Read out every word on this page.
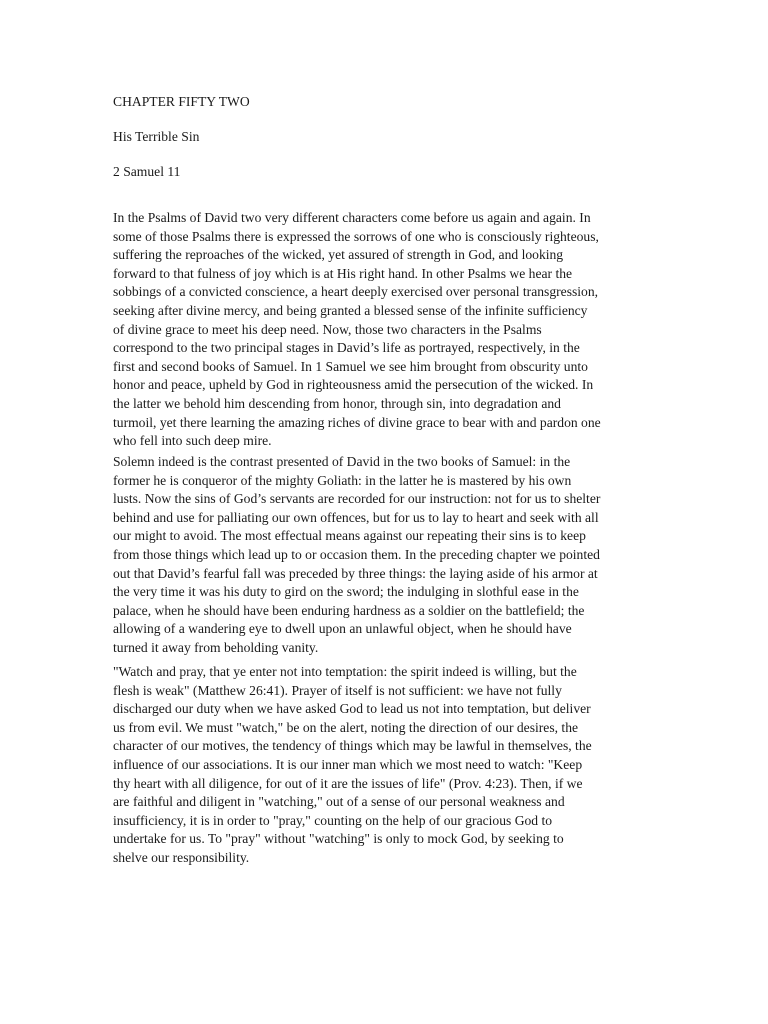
CHAPTER FIFTY TWO

His Terrible Sin

2 Samuel 11

In the Psalms of David two very different characters come before us again and again. In

some of those Psalms there is expressed the sorrows of one who is consciously righteous,

suffering the reproaches of the wicked, yet assured of strength in God, and looking

forward to that fulness of joy which is at His right hand. In other Psalms we hear the

sobbings of a convicted conscience, a heart deeply exercised over personal transgression,

seeking after divine mercy, and being granted a blessed sense of the infinite sufficiency

of divine grace to meet his deep need. Now, those two characters in the Psalms

correspond to the two principal stages in David’s life as portrayed, respectively, in the

first and second books of Samuel. In 1 Samuel we see him brought from obscurity unto

honor and peace, upheld by God in righteousness amid the persecution of the wicked. In

the latter we behold him descending from honor, through sin, into degradation and

turmoil, yet there learning the amazing riches of divine grace to bear with and pardon one

who fell into such deep mire.

Solemn indeed is the contrast presented of David in the two books of Samuel: in the

former he is conqueror of the mighty Goliath: in the latter he is mastered by his own

lusts. Now the sins of God’s servants are recorded for our instruction: not for us to shelter

behind and use for palliating our own offences, but for us to lay to heart and seek with all

our might to avoid. The most effectual means against our repeating their sins is to keep

from those things which lead up to or occasion them. In the preceding chapter we pointed

out that David’s fearful fall was preceded by three things: the laying aside of his armor at

the very time it was his duty to gird on the sword; the indulging in slothful ease in the

palace, when he should have been enduring hardness as a soldier on the battlefield; the

allowing of a wandering eye to dwell upon an unlawful object, when he should have

turned it away from beholding vanity.

"Watch and pray, that ye enter not into temptation: the spirit indeed is willing, but the

flesh is weak" (Matthew 26:41). Prayer of itself is not sufficient: we have not fully

discharged our duty when we have asked God to lead us not into temptation, but deliver

us from evil. We must "watch," be on the alert, noting the direction of our desires, the

character of our motives, the tendency of things which may be lawful in themselves, the

influence of our associations. It is our inner man which we most need to watch: "Keep

thy heart with all diligence, for out of it are the issues of life" (Prov. 4:23). Then, if we

are faithful and diligent in "watching," out of a sense of our personal weakness and

insufficiency, it is in order to "pray," counting on the help of our gracious God to

undertake for us. To "pray" without "watching" is only to mock God, by seeking to

shelve our responsibility.
